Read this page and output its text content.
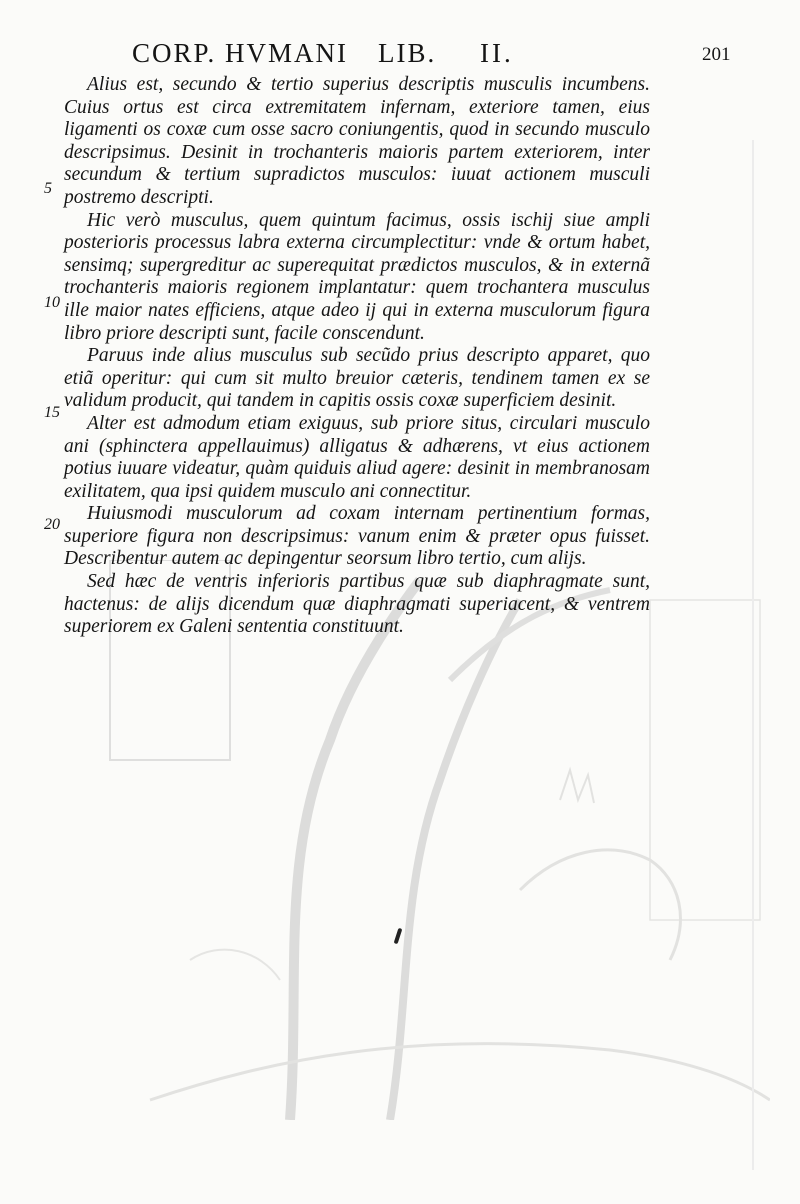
CORP. HVMANI LIB. II.	201
5
10
15
20

Alius est, secundo & tertio superius descriptis musculis incumbens. Cuius ortus est circa extremitatem infernam, exteriore tamen, eius ligamenti os coxæ cum osse sacro coniungentis, quod in secundo musculo descripsimus. Desinit in trochanteris maioris partem exteriorem, inter secundum & tertium supradictos musculos: iuuat actionem musculi postremo descripti.

Hic verò musculus, quem quintum facimus, ossis ischij siue ampli posterioris processus labra externa circumplectitur: vnde & ortum habet, sensimq; supergreditur ac superequitat prædictos musculos, & in externã trochanteris maioris regionem implantatur: quem trochantera musculus ille maior nates efficiens, atque adeo ij qui in externa musculorum figura libro priore descripti sunt, facile conscendunt.

Paruus inde alius musculus sub secũdo prius descripto apparet, quo etiã operitur: qui cum sit multo breuior cæteris, tendinem tamen ex se validum producit, qui tandem in capitis ossis coxæ superficiem desinit.

Alter est admodum etiam exiguus, sub priore situs, circulari musculo ani (sphinctera appellauimus) alligatus & adhærens, vt eius actionem potius iuuare videatur, quàm quiduis aliud agere: desinit in membranosam exilitatem, qua ipsi quidem musculo ani connectitur.

Huiusmodi musculorum ad coxam internam pertinentium formas, superiore figura non descripsimus: vanum enim & præter opus fuisset. Describentur autem ac depingentur seorsum libro tertio, cum alijs.

Sed hæc de ventris inferioris partibus quæ sub diaphragmate sunt, hactenus: de alijs dicendum quæ diaphragmati superiacent, & ventrem superiorem ex Galeni sententia constituunt.
